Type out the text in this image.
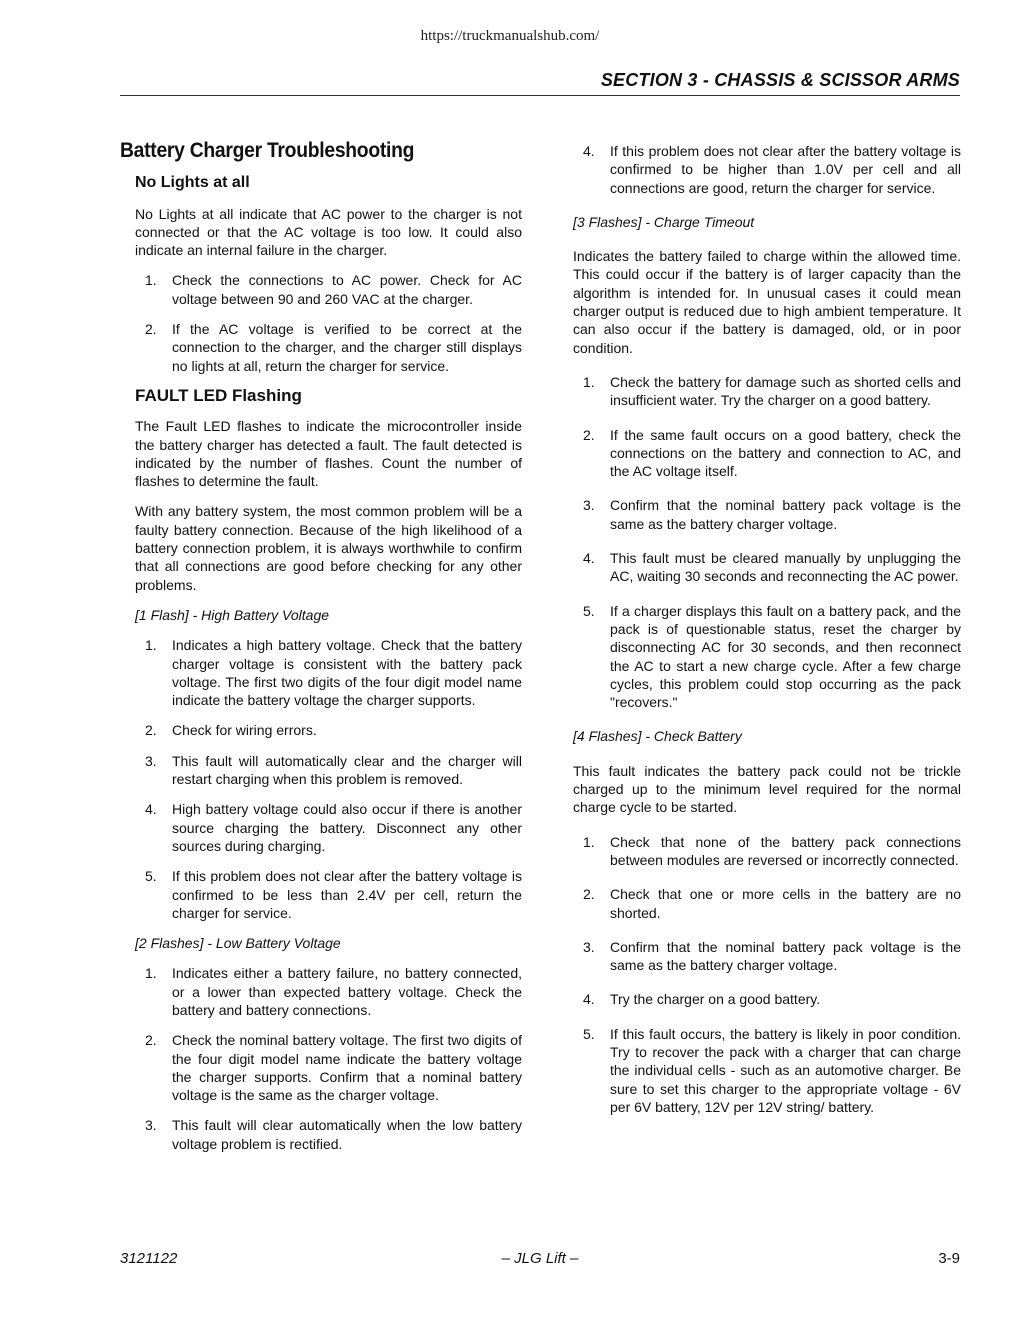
https://truckmanualshub.com/
SECTION 3 - CHASSIS & SCISSOR ARMS
Battery Charger Troubleshooting
No Lights at all

No Lights at all indicate that AC power to the charger is not connected or that the AC voltage is too low. It could also indicate an internal failure in the charger.

1. Check the connections to AC power. Check for AC voltage between 90 and 260 VAC at the charger.
2. If the AC voltage is verified to be correct at the connection to the charger, and the charger still displays no lights at all, return the charger for service.
FAULT LED Flashing

The Fault LED flashes to indicate the microcontroller inside the battery charger has detected a fault. The fault detected is indicated by the number of flashes. Count the number of flashes to determine the fault.

With any battery system, the most common problem will be a faulty battery connection. Because of the high likelihood of a battery connection problem, it is always worthwhile to confirm that all connections are good before checking for any other problems.

[1 Flash] - High Battery Voltage
1. Indicates a high battery voltage. Check that the battery charger voltage is consistent with the battery pack voltage. The first two digits of the four digit model name indicate the battery voltage the charger supports.
2. Check for wiring errors.
3. This fault will automatically clear and the charger will restart charging when this problem is removed.
4. High battery voltage could also occur if there is another source charging the battery. Disconnect any other sources during charging.
5. If this problem does not clear after the battery voltage is confirmed to be less than 2.4V per cell, return the charger for service.
[2 Flashes] - Low Battery Voltage
1. Indicates either a battery failure, no battery connected, or a lower than expected battery voltage. Check the battery and battery connections.
2. Check the nominal battery voltage. The first two digits of the four digit model name indicate the battery voltage the charger supports. Confirm that a nominal battery voltage is the same as the charger voltage.
3. This fault will clear automatically when the low battery voltage problem is rectified.
4. If this problem does not clear after the battery voltage is confirmed to be higher than 1.0V per cell and all connections are good, return the charger for service.
[3 Flashes] - Charge Timeout

Indicates the battery failed to charge within the allowed time. This could occur if the battery is of larger capacity than the algorithm is intended for. In unusual cases it could mean charger output is reduced due to high ambient temperature. It can also occur if the battery is damaged, old, or in poor condition.

1. Check the battery for damage such as shorted cells and insufficient water. Try the charger on a good battery.
2. If the same fault occurs on a good battery, check the connections on the battery and connection to AC, and the AC voltage itself.
3. Confirm that the nominal battery pack voltage is the same as the battery charger voltage.
4. This fault must be cleared manually by unplugging the AC, waiting 30 seconds and reconnecting the AC power.
5. If a charger displays this fault on a battery pack, and the pack is of questionable status, reset the charger by disconnecting AC for 30 seconds, and then reconnect the AC to start a new charge cycle. After a few charge cycles, this problem could stop occurring as the pack "recovers."
[4 Flashes] - Check Battery

This fault indicates the battery pack could not be trickle charged up to the minimum level required for the normal charge cycle to be started.

1. Check that none of the battery pack connections between modules are reversed or incorrectly connected.
2. Check that one or more cells in the battery are no shorted.
3. Confirm that the nominal battery pack voltage is the same as the battery charger voltage.
4. Try the charger on a good battery.
5. If this fault occurs, the battery is likely in poor condition. Try to recover the pack with a charger that can charge the individual cells - such as an automotive charger. Be sure to set this charger to the appropriate voltage - 6V per 6V battery, 12V per 12V string/ battery.
3121122	– JLG Lift –	3-9
